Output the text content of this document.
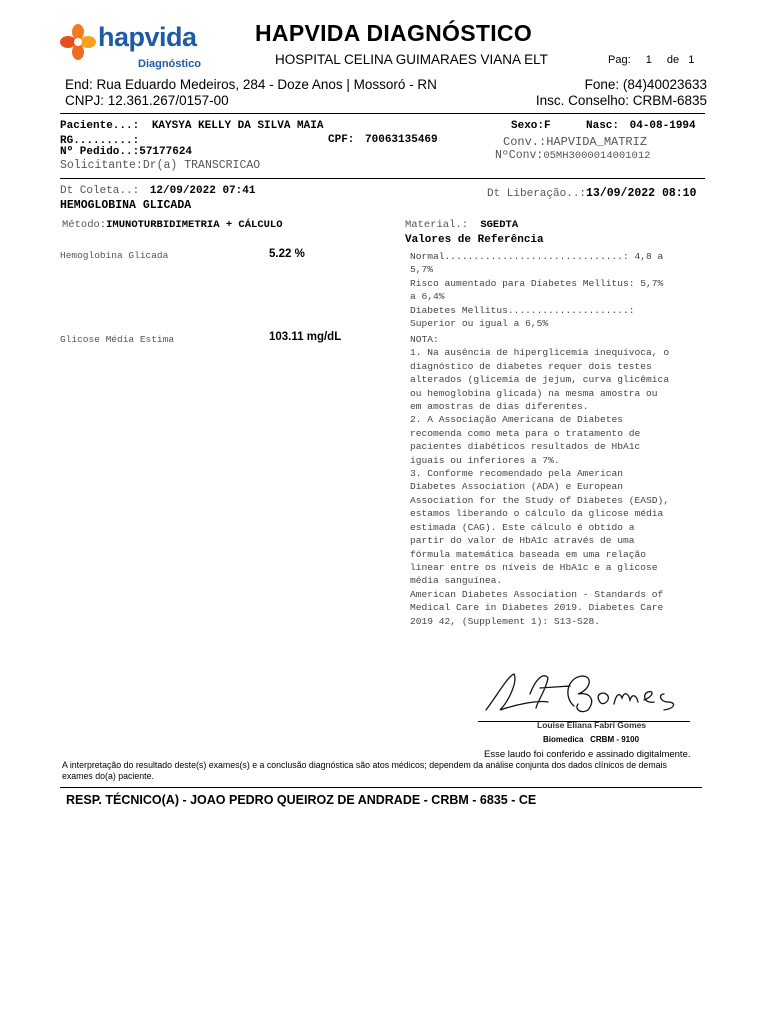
hapvida
Diagnóstico
HAPVIDA DIAGNÓSTICO
HOSPITAL CELINA GUIMARAES VIANA ELT	Pag: 1 de 1
End: Rua Eduardo Medeiros, 284 - Doze Anos | Mossoró - RN
CNPJ: 12.361.267/0157-00
Fone: (84)40023633
Insc. Conselho: CRBM-6835
Paciente...: KAYSYA KELLY DA SILVA MAIA	Sexo:F	Nasc: 04-08-1994
RG.........:	CPF: 70063135469	Conv.:HAPVIDA_MATRIZ
Nº Pedido..:57177624	NºConv:05MH3000014001012
Solicitante:Dr(a) TRANSCRICAO
Dt Coleta..: 12/09/2022 07:41	Dt Liberação..:13/09/2022 08:10
HEMOGLOBINA GLICADA
Método:IMUNOTURBIDIMETRIA + CÁLCULO	Material.: SGEDTA
Valores de Referência
Hemoglobina Glicada	5.22 %
Glicose Média Estima	103.11 mg/dL
Normal...............................: 4,8 a
5,7%
Risco aumentado para Diabetes Mellitus: 5,7%
a 6,4%
Diabetes Mellitus.....................:
Superior ou igual a 6,5%
NOTA:
1. Na ausência de hiperglicemia inequívoca, o
diagnóstico de diabetes requer dois testes
alterados (glicemia de jejum, curva glicêmica
ou hemoglobina glicada) na mesma amostra ou
em amostras de dias diferentes.
2. A Associação Americana de Diabetes
recomenda como meta para o tratamento de
pacientes diabéticos resultados de HbA1c
iguais ou inferiores a 7%.
3. Conforme recomendado pela American
Diabetes Association (ADA) e European
Association for the Study of Diabetes (EASD),
estamos liberando o cálculo da glicose média
estimada (CAG). Este cálculo é obtido a
partir do valor de HbA1c através de uma
fórmula matemática baseada em uma relação
linear entre os níveis de HbA1c e a glicose
média sanguínea.
American Diabetes Association - Standards of
Medical Care in Diabetes 2019. Diabetes Care
2019 42, (Supplement 1): S13-S28.
Louise Eliana Fabri Gomes
Biomedica   CRBM - 9100
Esse laudo foi conferido e assinado digitalmente.
A interpretação do resultado deste(s) exames(s) e a conclusão diagnóstica são atos médicos; dependem da análise conjunta dos dados clínicos de demais
exames do(a) paciente.
RESP. TÉCNICO(A) - JOAO PEDRO QUEIROZ DE ANDRADE - CRBM - 6835 - CE
